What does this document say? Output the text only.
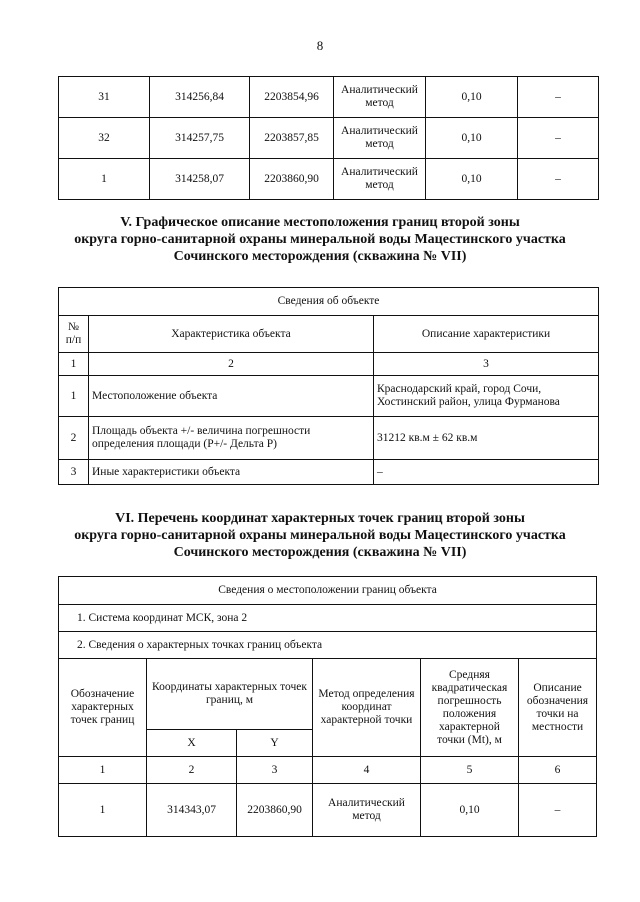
8
31	314256,84	2203854,96	Аналитический метод	0,10	–
32	314257,75	2203857,85	Аналитический метод	0,10	–
1	314258,07	2203860,90	Аналитический метод	0,10	–
V. Графическое описание местоположения границ второй зоны
округа горно-санитарной охраны минеральной воды Мацестинского участка
Сочинского месторождения (скважина № VII)
Сведения об объекте		
№ п/п	Характеристика объекта	Описание характеристики
1	2	3
1	Местоположение объекта	Краснодарский край, город Сочи, Хостинский район, улица Фурманова
2	Площадь объекта +/- величина погрешности определения площади (Р+/- Дельта Р)	31212 кв.м ± 62 кв.м
3	Иные характеристики объекта	–
VI. Перечень координат характерных точек границ второй зоны
округа горно-санитарной охраны минеральной воды Мацестинского участка
Сочинского месторождения (скважина № VII)
Сведения о местоположении границ объекта					
1. Система координат МСК, зона 2					
2. Сведения о характерных точках границ объекта					
Обозначение характерных точек границ	Координаты характерных точек границ, м		Метод определения координат характерной точки	Средняя квадратическая погрешность положения характерной точки (Mt), м	Описание обозначения точки на местности
	X	Y			
1	2	3	4	5	6
1	314343,07	2203860,90	Аналитический метод	0,10	–
